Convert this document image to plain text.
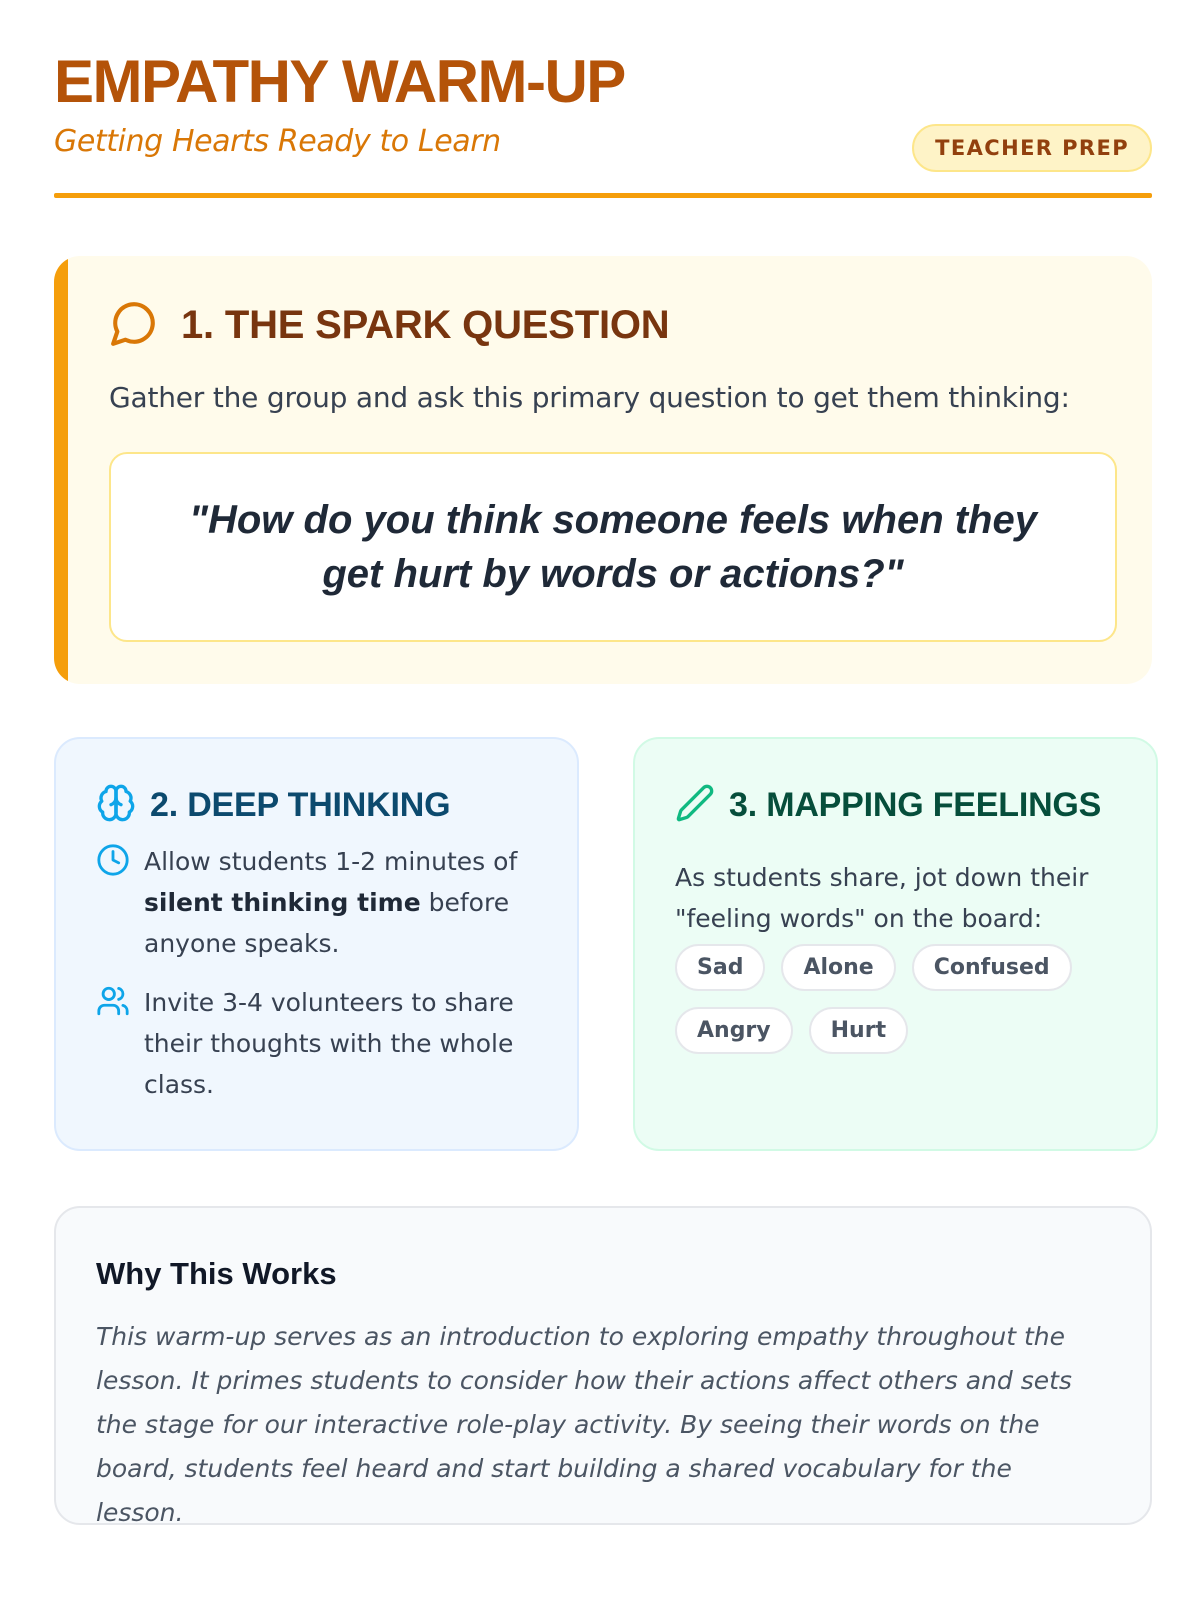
EMPATHY WARM-UP
Getting Hearts Ready to Learn	TEACHER PREP
1. THE SPARK QUESTION
Gather the group and ask this primary question to get them thinking:

"How do you think someone feels when they get hurt by words or actions?"

2. DEEP THINKING
Allow students 1-2 minutes of silent thinking time before anyone speaks.
Invite 3-4 volunteers to share their thoughts with the whole class.
3. MAPPING FEELINGS
As students share, jot down their "feeling words" on the board:
Sad	Alone	Confused
Angry	Hurt
Why This Works

This warm-up serves as an introduction to exploring empathy throughout the lesson. It primes students to consider how their actions affect others and sets the stage for our interactive role-play activity. By seeing their words on the board, students feel heard and start building a shared vocabulary for the lesson.
